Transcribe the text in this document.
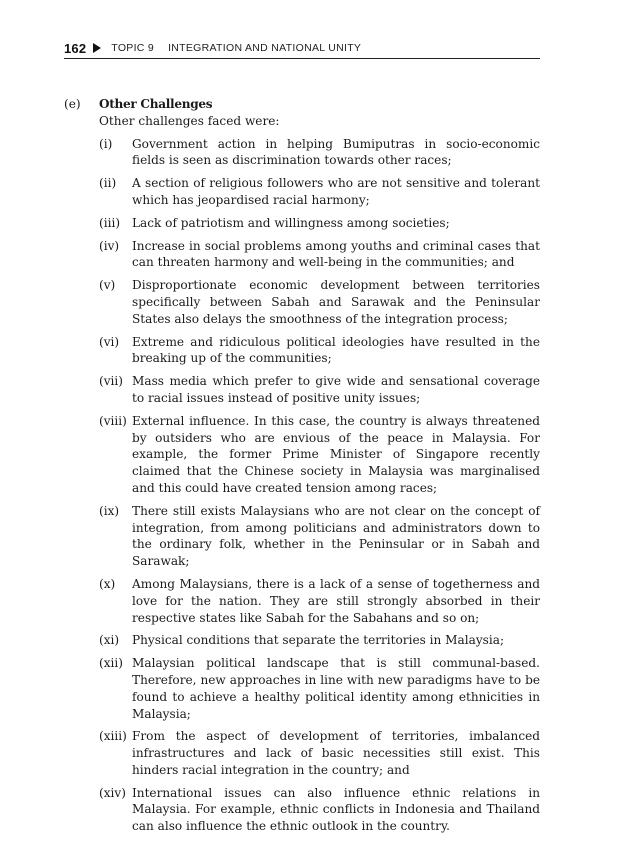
162 TOPIC 9 INTEGRATION AND NATIONAL UNITY
(e)	Other Challenges
Other challenges faced were:
(i)	Government action in helping Bumiputras in socio-economic fields is seen as discrimination towards other races;
(ii)	A section of religious followers who are not sensitive and tolerant which has jeopardised racial harmony;
(iii) Lack of patriotism and willingness among societies;
(iv)	Increase in social problems among youths and criminal cases that can threaten harmony and well-being in the communities; and
(v)	Disproportionate economic development between territories specifically between Sabah and Sarawak and the Peninsular States also delays the smoothness of the integration process;
(vi)	Extreme and ridiculous political ideologies have resulted in the breaking up of the communities;
(vii) Mass media which prefer to give wide and sensational coverage to racial issues instead of positive unity issues;
(viii) External influence. In this case, the country is always threatened by outsiders who are envious of the peace in Malaysia. For example, the former Prime Minister of Singapore recently claimed that the Chinese society in Malaysia was marginalised and this could have created tension among races;
(ix)	There still exists Malaysians who are not clear on the concept of integration, from among politicians and administrators down to the ordinary folk, whether in the Peninsular or in Sabah and Sarawak;
(x)	Among Malaysians, there is a lack of a sense of togetherness and love for the nation. They are still strongly absorbed in their respective states like Sabah for the Sabahans and so on;
(xi)	Physical conditions that separate the territories in Malaysia;
(xii) Malaysian political landscape that is still communal-based. Therefore, new approaches in line with new paradigms have to be found to achieve a healthy political identity among ethnicities in Malaysia;
(xiii) From the aspect of development of territories, imbalanced infrastructures and lack of basic necessities still exist. This hinders racial integration in the country; and
(xiv) International issues can also influence ethnic relations in Malaysia. For example, ethnic conflicts in Indonesia and Thailand can also influence the ethnic outlook in the country.
